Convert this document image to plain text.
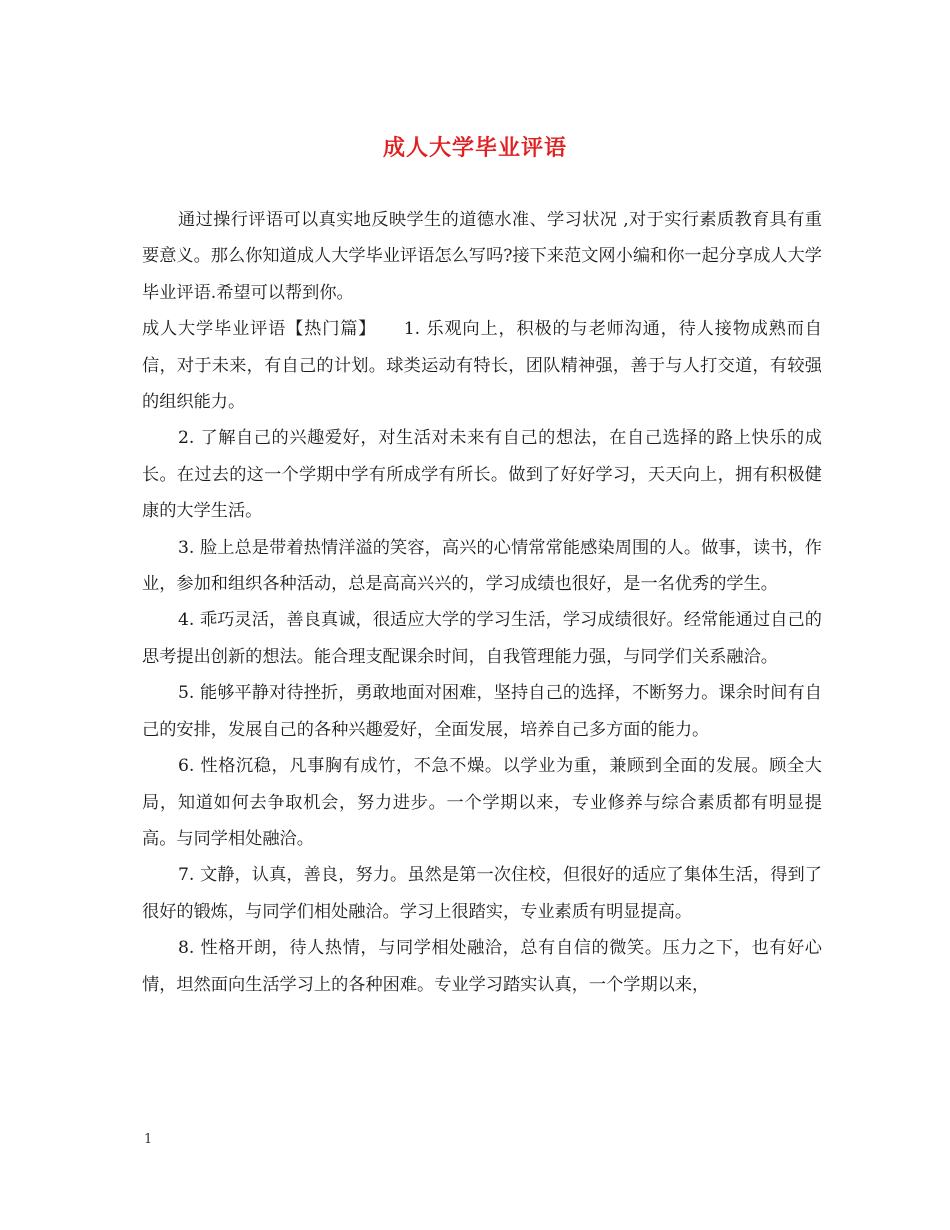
成人大学毕业评语

通过操行评语可以真实地反映学生的道德水准、学习状况 ,对于实行素质教育具有重要意义。那么你知道成人大学毕业评语怎么写吗?接下来范文网小编和你一起分享成人大学毕业评语.希望可以帮到你。

成人大学毕业评语【热门篇】　　1. 乐观向上，积极的与老师沟通，待人接物成熟而自信，对于未来，有自己的计划。球类运动有特长，团队精神强，善于与人打交道，有较强的组织能力。

2. 了解自己的兴趣爱好，对生活对未来有自己的想法，在自己选择的路上快乐的成长。在过去的这一个学期中学有所成学有所长。做到了好好学习，天天向上，拥有积极健康的大学生活。

3. 脸上总是带着热情洋溢的笑容，高兴的心情常常能感染周围的人。做事，读书，作业，参加和组织各种活动，总是高高兴兴的，学习成绩也很好，是一名优秀的学生。

4. 乖巧灵活，善良真诚，很适应大学的学习生活，学习成绩很好。经常能通过自己的思考提出创新的想法。能合理支配课余时间，自我管理能力强，与同学们关系融洽。

5. 能够平静对待挫折，勇敢地面对困难，坚持自己的选择，不断努力。课余时间有自己的安排，发展自己的各种兴趣爱好，全面发展，培养自己多方面的能力。

6. 性格沉稳，凡事胸有成竹，不急不燥。以学业为重，兼顾到全面的发展。顾全大局，知道如何去争取机会，努力进步。一个学期以来，专业修养与综合素质都有明显提高。与同学相处融洽。

7. 文静，认真，善良，努力。虽然是第一次住校，但很好的适应了集体生活，得到了很好的锻炼，与同学们相处融洽。学习上很踏实，专业素质有明显提高。

8. 性格开朗，待人热情，与同学相处融洽，总有自信的微笑。压力之下，也有好心情，坦然面向生活学习上的各种困难。专业学习踏实认真，一个学期以来，

1
